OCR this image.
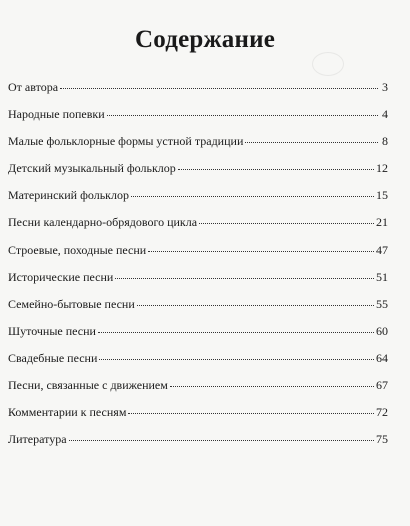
Содержание
От автора	3
Народные попевки	4
Малые фольклорные формы устной традиции	8
Детский музыкальный фольклор	12
Материнский фольклор	15
Песни календарно-обрядового цикла	21
Строевые, походные песни	47
Исторические песни	51
Семейно-бытовые песни	55
Шуточные песни	60
Свадебные песни	64
Песни, связанные с движением	67
Комментарии к песням	72
Литература	75
